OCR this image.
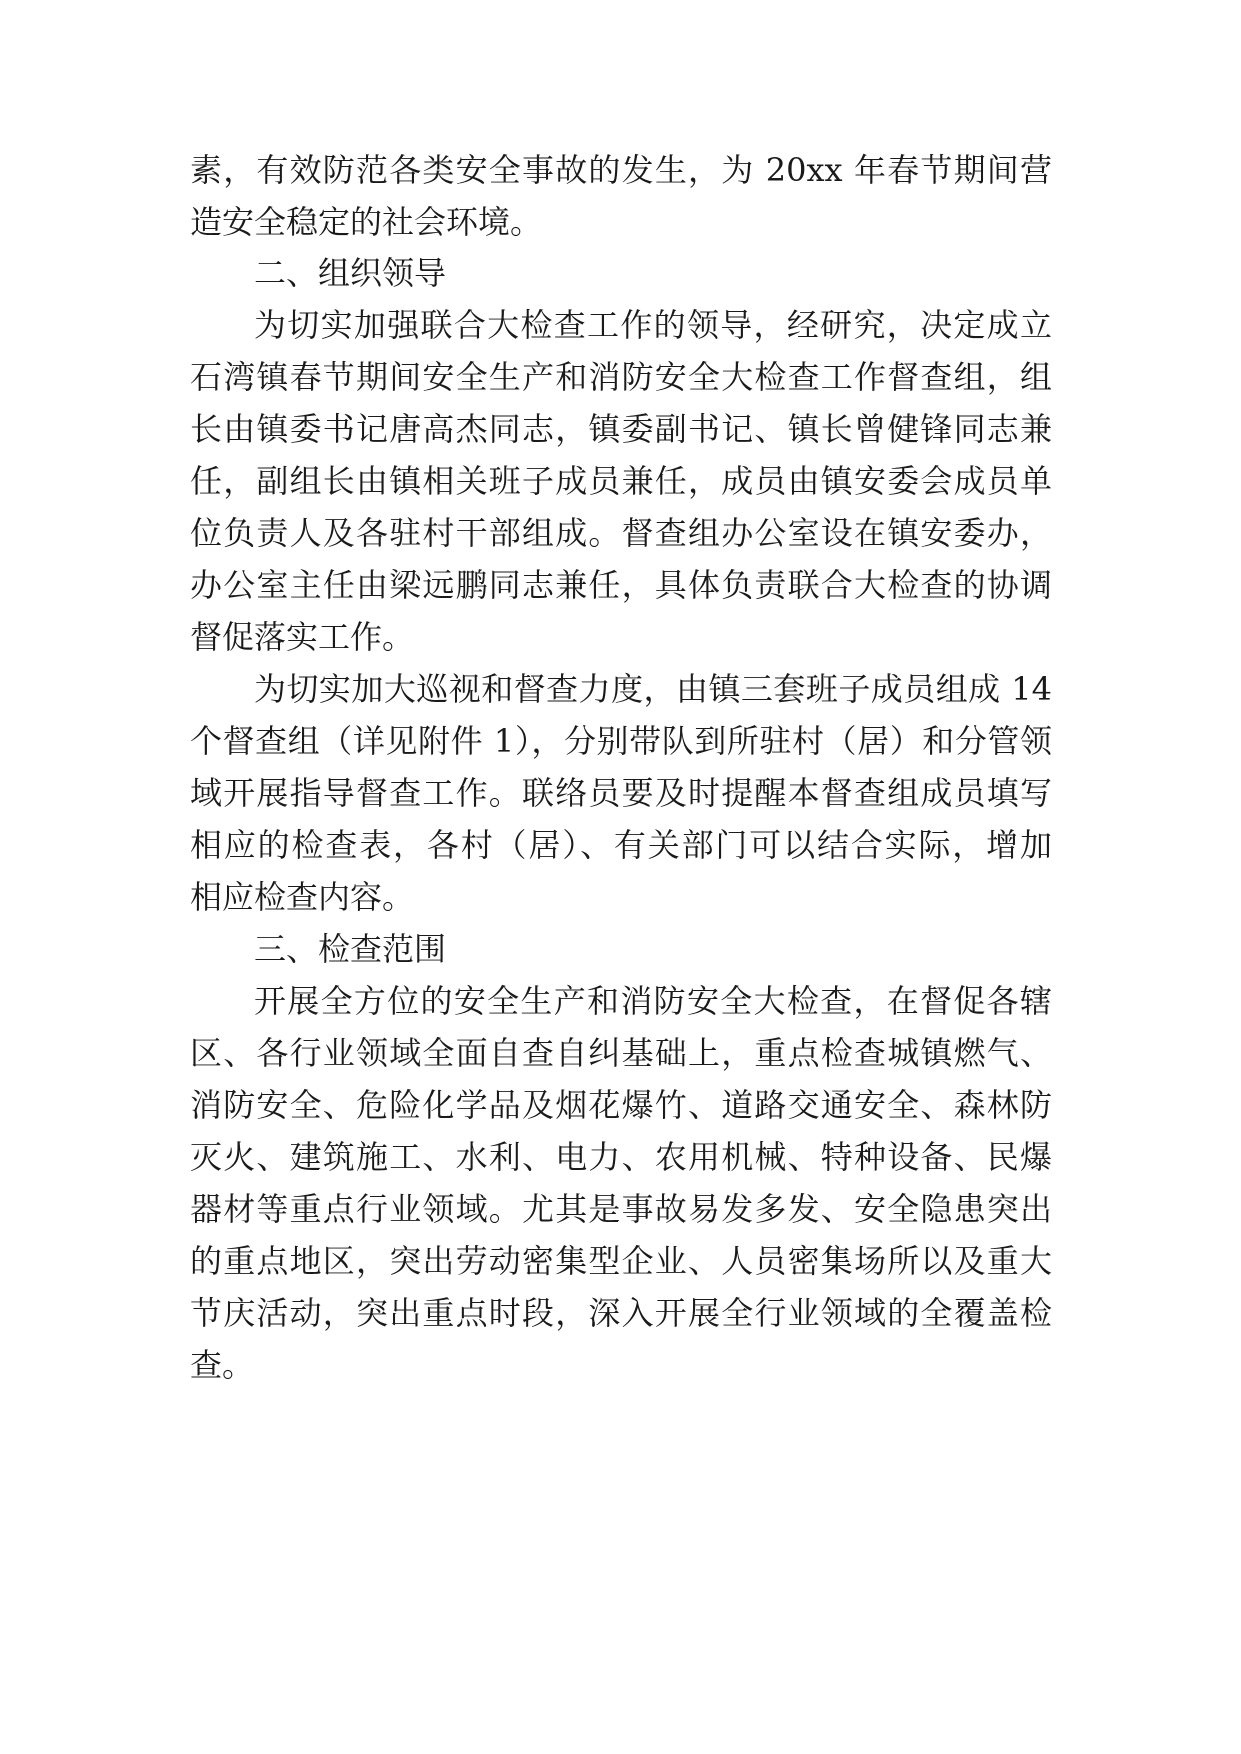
素，有效防范各类安全事故的发生，为 20xx 年春节期间营
造安全稳定的社会环境。
二、组织领导
为切实加强联合大检查工作的领导，经研究，决定成立
石湾镇春节期间安全生产和消防安全大检查工作督查组，组
长由镇委书记唐高杰同志，镇委副书记、镇长曾健锋同志兼
任，副组长由镇相关班子成员兼任，成员由镇安委会成员单
位负责人及各驻村干部组成。督查组办公室设在镇安委办，
办公室主任由梁远鹏同志兼任，具体负责联合大检查的协调
督促落实工作。
为切实加大巡视和督查力度，由镇三套班子成员组成 14
个督查组（详见附件 1），分别带队到所驻村（居）和分管领
域开展指导督查工作。联络员要及时提醒本督查组成员填写
相应的检查表，各村（居）、有关部门可以结合实际，增加
相应检查内容。
三、检查范围
开展全方位的安全生产和消防安全大检查，在督促各辖
区、各行业领域全面自查自纠基础上，重点检查城镇燃气、
消防安全、危险化学品及烟花爆竹、道路交通安全、森林防
灭火、建筑施工、水利、电力、农用机械、特种设备、民爆
器材等重点行业领域。尤其是事故易发多发、安全隐患突出
的重点地区，突出劳动密集型企业、人员密集场所以及重大
节庆活动，突出重点时段，深入开展全行业领域的全覆盖检
查。
